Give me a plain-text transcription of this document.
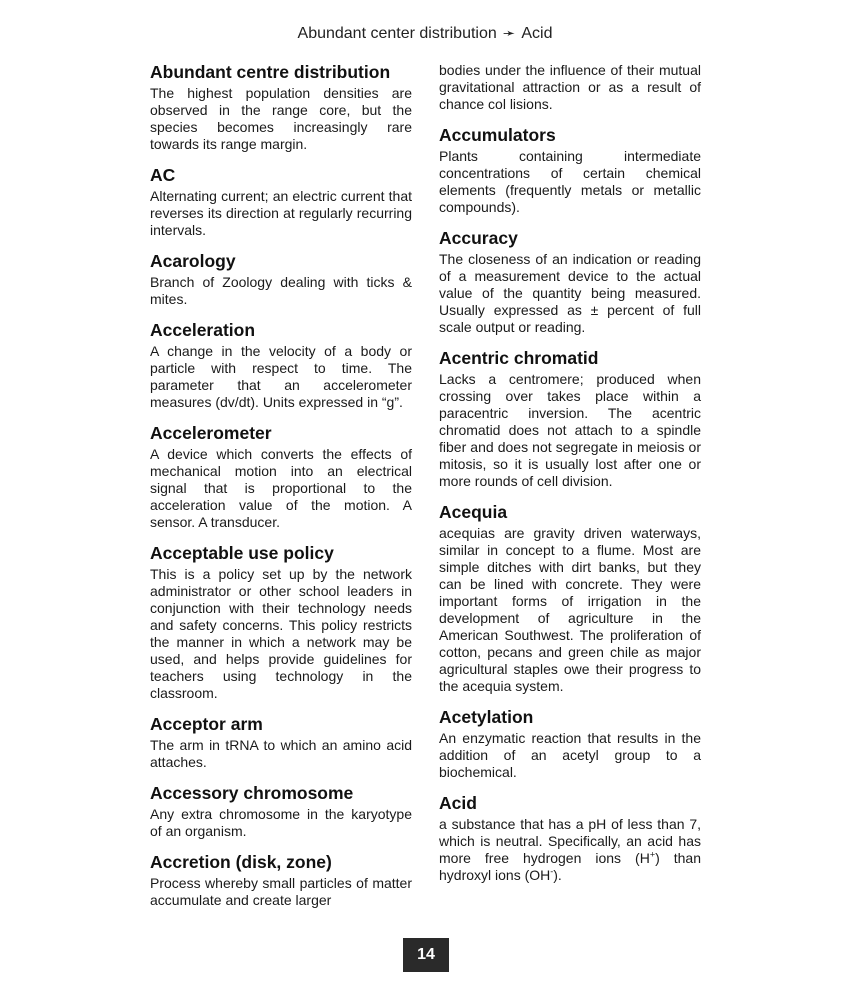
Abundant center distribution ➛ Acid
Abundant centre distribution
The highest population densities are observed in the range core, but the species becomes increasingly rare towards its range margin.
AC
Alternating current; an electric current that reverses its direction at regularly recurring intervals.
Acarology
Branch of Zoology dealing with ticks & mites.
Acceleration
A change in the velocity of a body or particle with respect to time. The parameter that an accelerometer measures (dv/dt). Units expressed in “g”.
Accelerometer
A device which converts the effects of mechanical motion into an electrical signal that is proportional to the acceleration value of the motion. A sensor. A transducer.
Acceptable use policy
This is a policy set up by the network administrator or other school leaders in conjunction with their technology needs and safety concerns. This policy restricts the manner in which a network may be used, and helps provide guidelines for teachers using technology in the classroom.
Acceptor arm
The arm in tRNA to which an amino acid attaches.
Accessory chromosome
Any extra chromosome in the karyotype of an organism.
Accretion (disk, zone)
Process whereby small particles of matter accumulate and create larger
bodies under the influence of their mutual gravitational attraction or as a result of chance col lisions.
Accumulators
Plants containing intermediate concentrations of certain chemical elements (frequently metals or metallic compounds).
Accuracy
The closeness of an indication or reading of a measurement device to the actual value of the quantity being measured. Usually expressed as ± percent of full scale output or reading.
Acentric chromatid
Lacks a centromere; produced when crossing over takes place within a paracentric inversion. The acentric chromatid does not attach to a spindle fiber and does not segregate in meiosis or mitosis, so it is usually lost after one or more rounds of cell division.
Acequia
acequias are gravity driven waterways, similar in concept to a flume. Most are simple ditches with dirt banks, but they can be lined with concrete. They were important forms of irrigation in the development of agriculture in the American Southwest. The proliferation of cotton, pecans and green chile as major agricultural staples owe their progress to the acequia system.
Acetylation
An enzymatic reaction that results in the addition of an acetyl group to a biochemical.
Acid
a substance that has a pH of less than 7, which is neutral. Specifically, an acid has more free hydrogen ions (H+) than hydroxyl ions (OH-).
14
